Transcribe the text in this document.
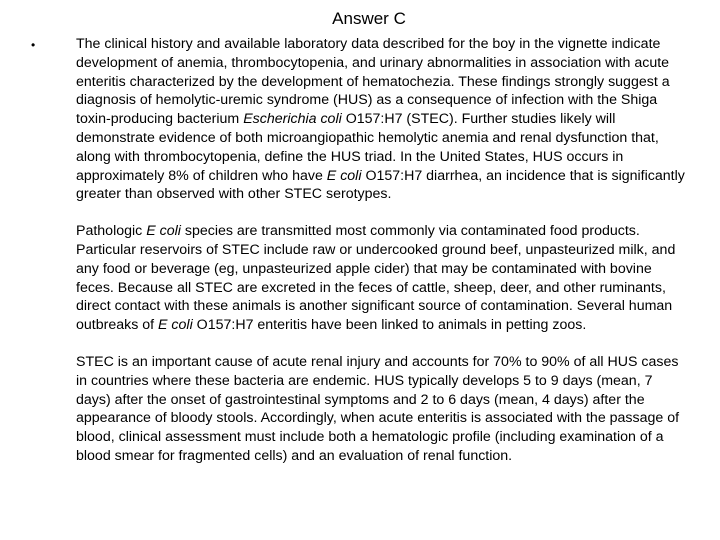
Answer C
•	The clinical history and available laboratory data described for the boy in the vignette indicate development of anemia, thrombocytopenia, and urinary abnormalities in association with acute enteritis characterized by the development of hematochezia. These findings strongly suggest a diagnosis of hemolytic-uremic syndrome (HUS) as a consequence of infection with the Shiga toxin-producing bacterium Escherichia coli O157:H7 (STEC). Further studies likely will demonstrate evidence of both microangiopathic hemolytic anemia and renal dysfunction that, along with thrombocytopenia, define the HUS triad. In the United States, HUS occurs in approximately 8% of children who have E coli O157:H7 diarrhea, an incidence that is significantly greater than observed with other STEC serotypes.

Pathologic E coli species are transmitted most commonly via contaminated food products. Particular reservoirs of STEC include raw or undercooked ground beef, unpasteurized milk, and any food or beverage (eg, unpasteurized apple cider) that may be contaminated with bovine feces. Because all STEC are excreted in the feces of cattle, sheep, deer, and other ruminants, direct contact with these animals is another significant source of contamination. Several human outbreaks of E coli O157:H7 enteritis have been linked to animals in petting zoos.

STEC is an important cause of acute renal injury and accounts for 70% to 90% of all HUS cases in countries where these bacteria are endemic. HUS typically develops 5 to 9 days (mean, 7 days) after the onset of gastrointestinal symptoms and 2 to 6 days (mean, 4 days) after the appearance of bloody stools. Accordingly, when acute enteritis is associated with the passage of blood, clinical assessment must include both a hematologic profile (including examination of a blood smear for fragmented cells) and an evaluation of renal function.
